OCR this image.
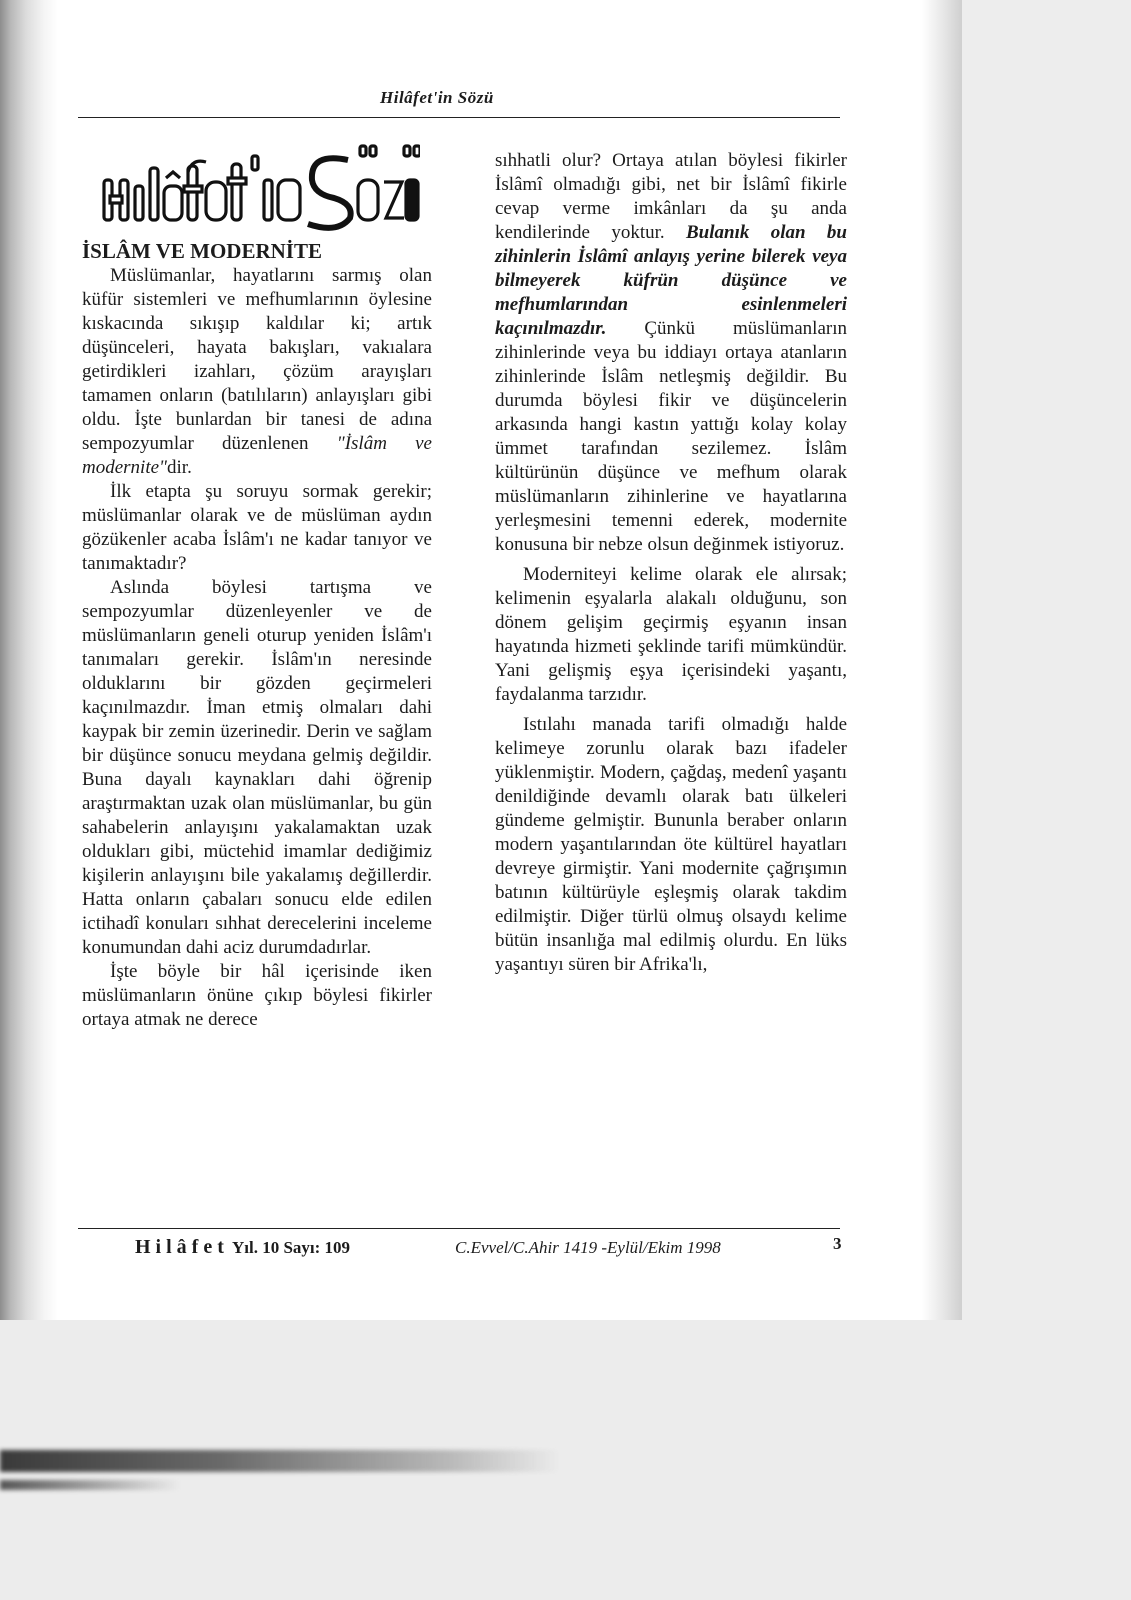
Hilâfet'in Sözü
Hilâfet'in Sözü

İSLÂM VE MODERNİTE

Müslümanlar, hayatlarını sarmış olan küfür sistemleri ve mefhumlarının öylesine kıskacında sıkışıp kaldılar ki; artık düşünceleri, hayata bakışları, vakıalara getirdikleri izahları, çözüm arayışları tamamen onların (batılıların) anlayışları gibi oldu. İşte bunlardan bir tanesi de adına sempozyumlar düzenlenen "İslâm ve modernite"dir.

İlk etapta şu soruyu sormak gerekir; müslümanlar olarak ve de müslüman aydın gözükenler acaba İslâm'ı ne kadar tanıyor ve tanımaktadır?

Aslında böylesi tartışma ve sempozyumlar düzenleyenler ve de müslümanların geneli oturup yeniden İslâm'ı tanımaları gerekir. İslâm'ın neresinde olduklarını bir gözden geçirmeleri kaçınılmazdır. İman etmiş olmaları dahi kaypak bir zemin üzerinedir. Derin ve sağlam bir düşünce sonucu meydana gelmiş değildir. Buna dayalı kaynakları dahi öğrenip araştırmaktan uzak olan müslümanlar, bu gün sahabelerin anlayışını yakalamaktan uzak oldukları gibi, müctehid imamlar dediğimiz kişilerin anlayışını bile yakalamış değillerdir. Hatta onların çabaları sonucu elde edilen ictihadî konuları sıhhat derecelerini inceleme konumundan dahi aciz durumdadırlar.

İşte böyle bir hâl içerisinde iken müslümanların önüne çıkıp böylesi fikirler ortaya atmak ne derece

sıhhatli olur? Ortaya atılan böylesi fikirler İslâmî olmadığı gibi, net bir İslâmî fikirle cevap verme imkânları da şu anda kendilerinde yoktur. Bulanık olan bu zihinlerin İslâmî anlayış yerine bilerek veya bilmeyerek küfrün düşünce ve mefhumlarından esinlenmeleri kaçınılmazdır. Çünkü müslümanların zihinlerinde veya bu iddiayı ortaya atanların zihinlerinde İslâm netleşmiş değildir. Bu durumda böylesi fikir ve düşüncelerin arkasında hangi kastın yattığı kolay kolay ümmet tarafından sezilemez. İslâm kültürünün düşünce ve mefhum olarak müslümanların zihinlerine ve hayatlarına yerleşmesini temenni ederek, modernite konusuna bir nebze olsun değinmek istiyoruz.

Moderniteyi kelime olarak ele alırsak; kelimenin eşyalarla alakalı olduğunu, son dönem gelişim geçirmiş eşyanın insan hayatında hizmeti şeklinde tarifi mümkündür. Yani gelişmiş eşya içerisindeki yaşantı, faydalanma tarzıdır.

Istılahı manada tarifi olmadığı halde kelimeye zorunlu olarak bazı ifadeler yüklenmiştir. Modern, çağdaş, medenî yaşantı denildiğinde devamlı olarak batı ülkeleri gündeme gelmiştir. Bununla beraber onların modern yaşantılarından öte kültürel hayatları devreye girmiştir. Yani modernite çağrışımın batının kültürüyle eşleşmiş olarak takdim edilmiştir. Diğer türlü olmuş olsaydı kelime bütün insanlığa mal edilmiş olurdu. En lüks yaşantıyı süren bir Afrika'lı,

Hilâfet Yıl. 10 Sayı: 109	C.Evvel/C.Ahir 1419 -Eylül/Ekim 1998	3
